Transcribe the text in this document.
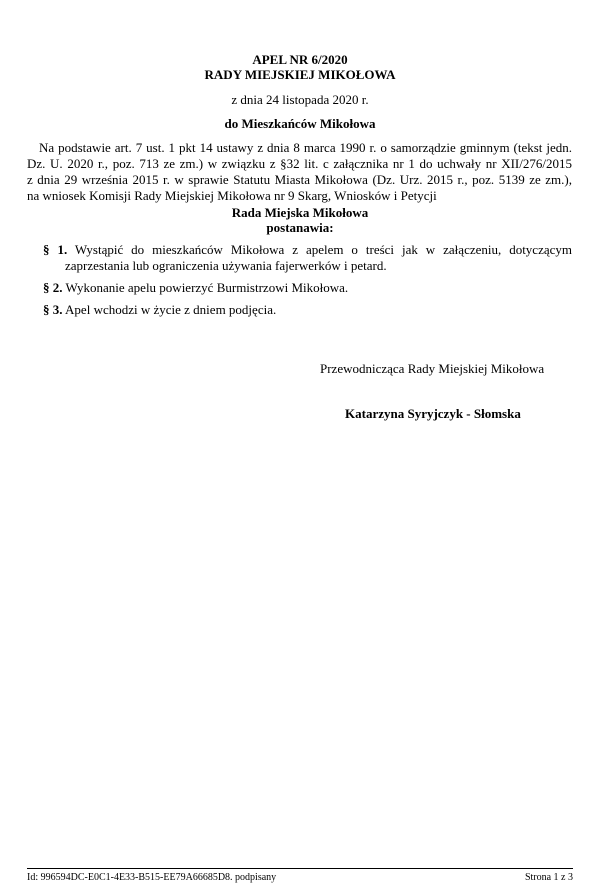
APEL NR 6/2020
RADY MIEJSKIEJ MIKOŁOWA
z dnia 24 listopada 2020 r.
do Mieszkańców Mikołowa
Na podstawie art. 7 ust. 1 pkt 14 ustawy z dnia 8 marca 1990 r. o samorządzie gminnym (tekst jedn.
Dz. U. 2020 r., poz. 713 ze zm.) w związku z §32 lit. c załącznika nr 1 do uchwały nr XII/276/2015
z dnia 29 września 2015 r. w sprawie Statutu Miasta Mikołowa (Dz. Urz. 2015 r., poz. 5139 ze zm.),
na wniosek Komisji Rady Miejskiej Mikołowa nr 9 Skarg, Wniosków i Petycji
Rada Miejska Mikołowa
postanawia:
§ 1. Wystąpić do mieszkańców Mikołowa z apelem o treści jak w załączeniu, dotyczącym
zaprzestania lub ograniczenia używania fajerwerków i petard.
§ 2. Wykonanie apelu powierzyć Burmistrzowi Mikołowa.
§ 3. Apel wchodzi w życie z dniem podjęcia.
Przewodnicząca Rady Miejskiej Mikołowa
Katarzyna Syryjczyk - Słomska
Id: 996594DC-E0C1-4E33-B515-EE79A66685D8. podpisany	Strona 1 z 3
